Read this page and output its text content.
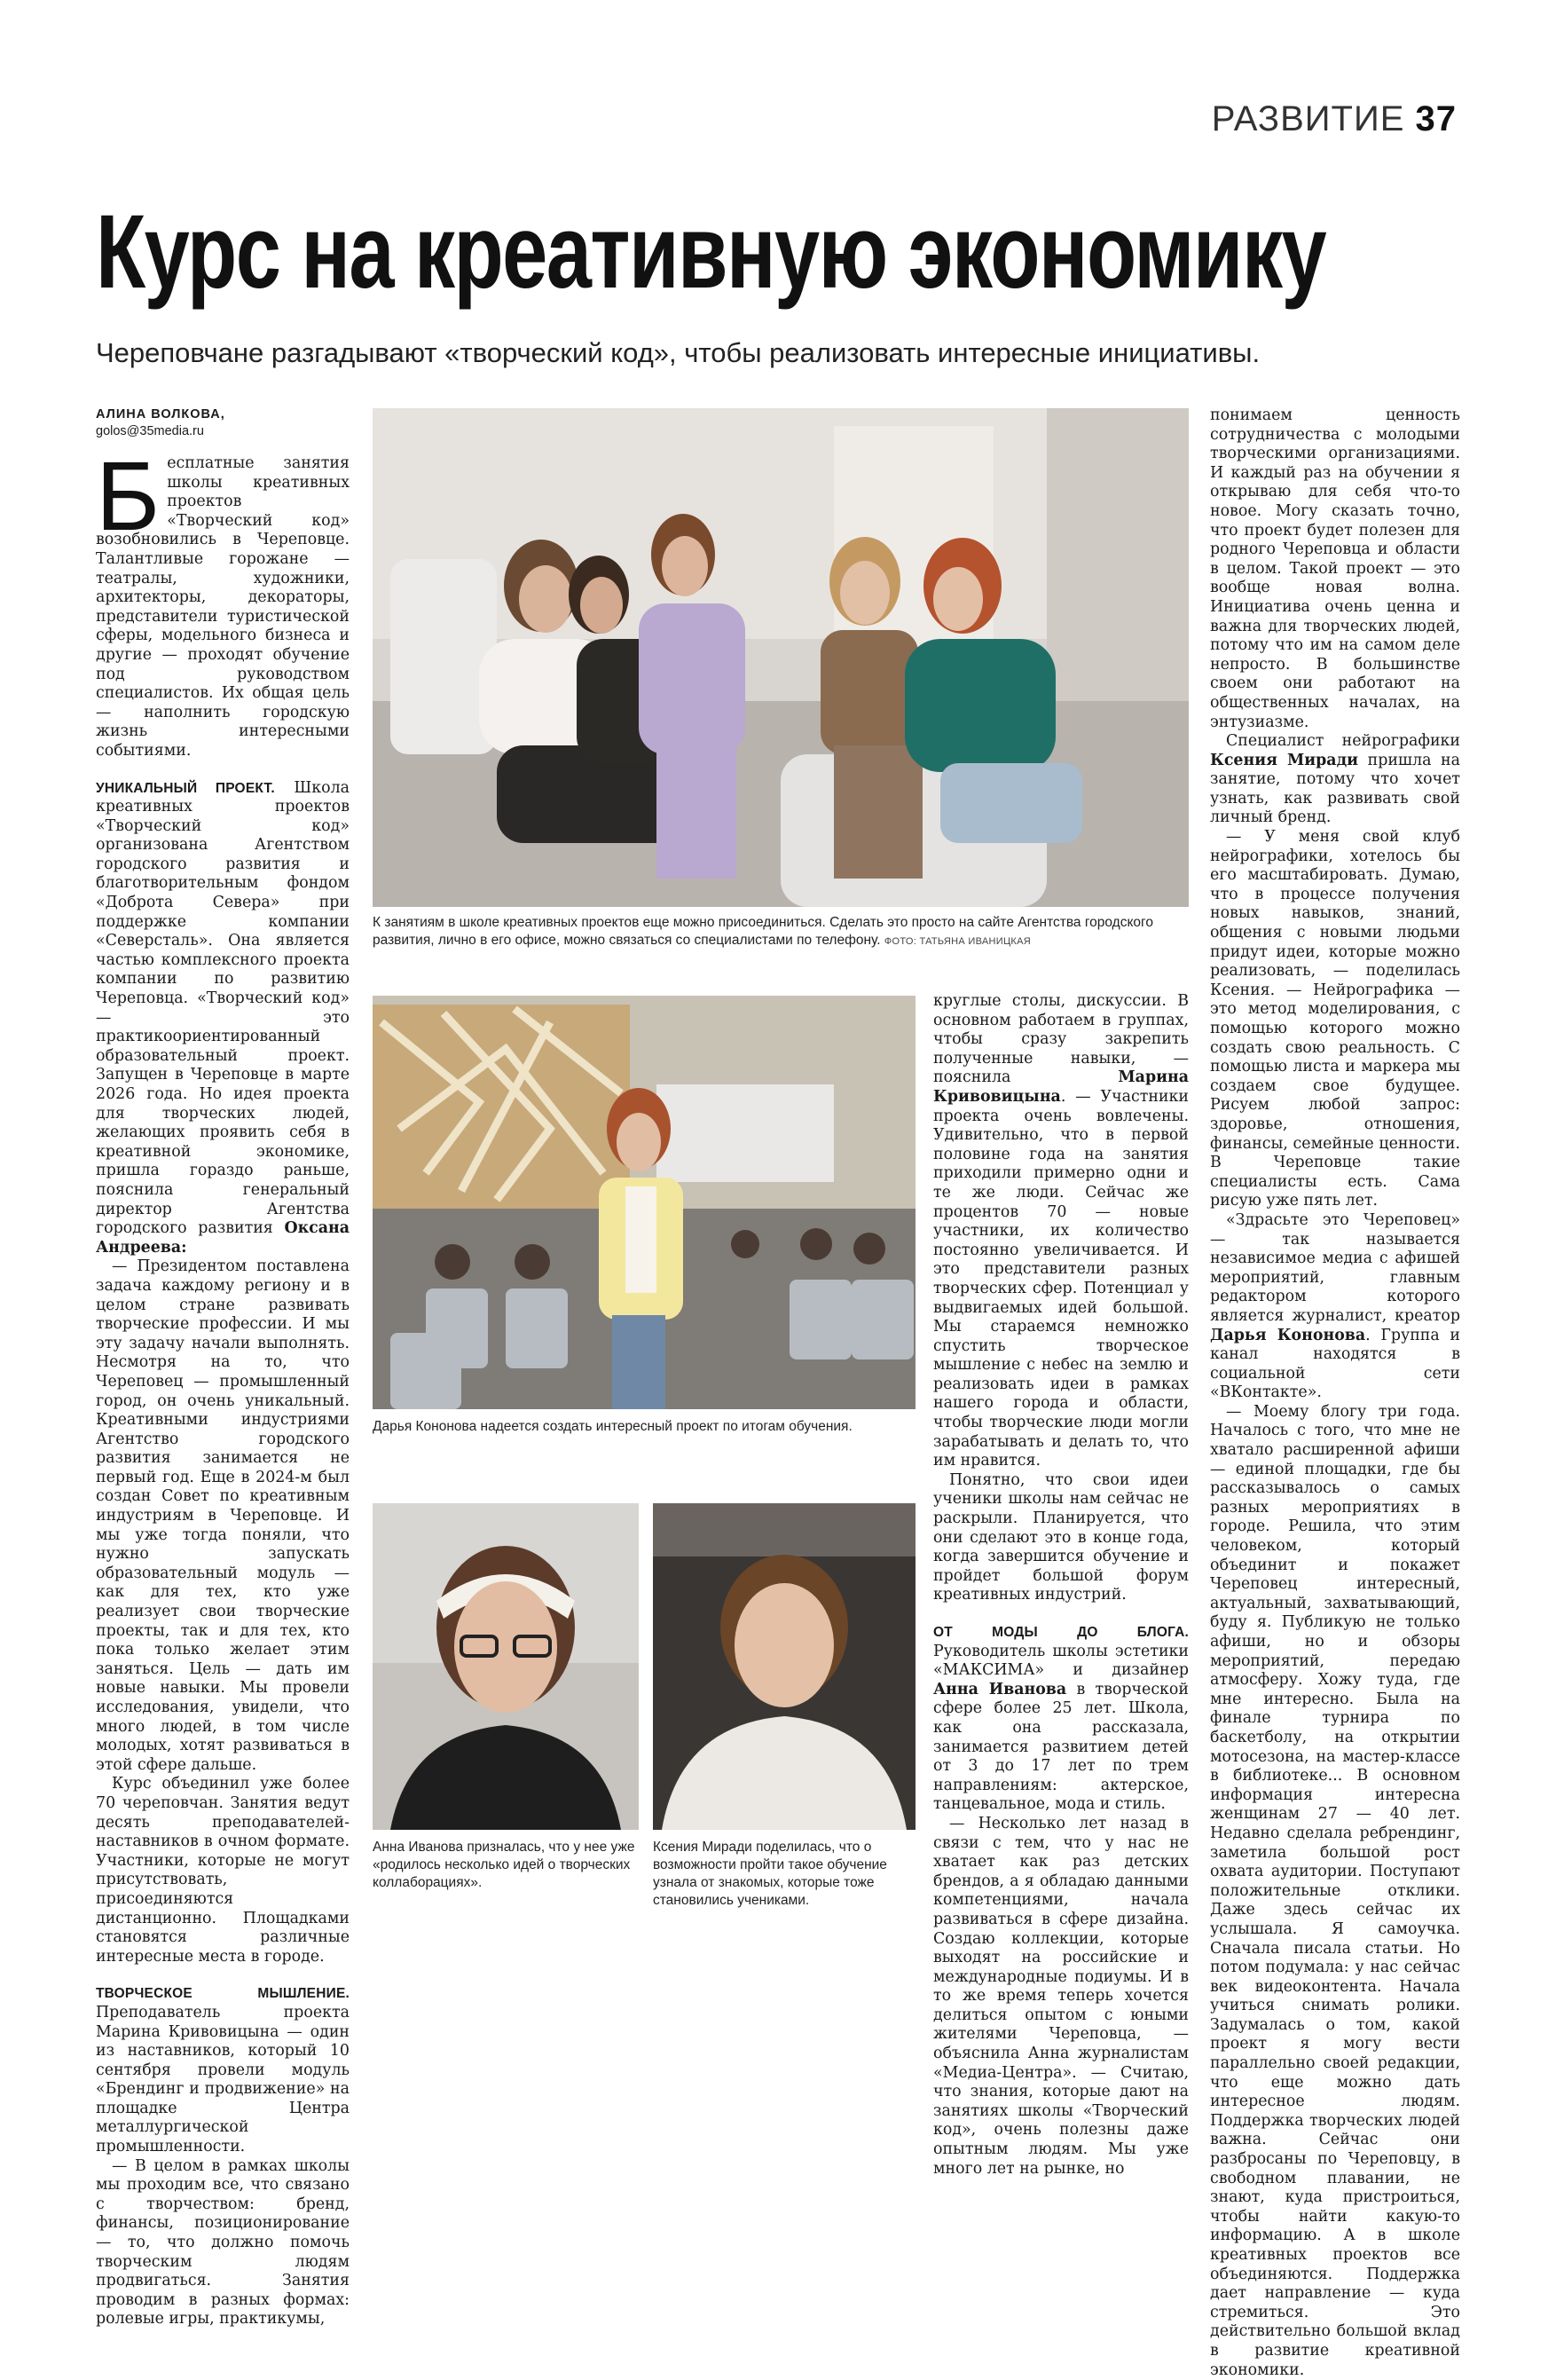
РАЗВИТИЕ 37
Курс на креативную экономику

Череповчане разгадывают «творческий код», чтобы реализовать интересные инициативы.

АЛИНА ВОЛКОВА,
golos@35media.ru

Бесплатные занятия школы креативных проектов «Творческий код» возобновились в Череповце. Талантливые горожане — театралы, художники, архитекторы, декораторы, представители туристической сферы, модельного бизнеса и другие — проходят обучение под руководством специалистов. Их общая цель — наполнить городскую жизнь интересными событиями.

УНИКАЛЬНЫЙ ПРОЕКТ. Школа креативных проектов «Творческий код» организована Агентством городского развития и благотворительным фондом «Доброта Севера» при поддержке компании «Северсталь». Она является частью комплексного проекта компании по развитию Череповца. «Творческий код» — это практикоориентированный образовательный проект. Запущен в Череповце в марте 2026 года. Но идея проекта для творческих людей, желающих проявить себя в креативной экономике, пришла гораздо раньше, пояснила генеральный директор Агентства городского развития Оксана Андреева:

— Президентом поставлена задача каждому региону и в целом стране развивать творческие профессии. И мы эту задачу начали выполнять. Несмотря на то, что Череповец — промышленный город, он очень уникальный. Креативными индустриями Агентство городского развития занимается не первый год. Еще в 2024-м был создан Совет по креативным индустриям в Череповце. И мы уже тогда поняли, что нужно запускать образовательный модуль — как для тех, кто уже реализует свои творческие проекты, так и для тех, кто пока только желает этим заняться. Цель — дать им новые навыки. Мы провели исследования, увидели, что много людей, в том числе молодых, хотят развиваться в этой сфере дальше.

Курс объединил уже более 70 череповчан. Занятия ведут десять преподавателей-наставников в очном формате. Участники, которые не могут присутствовать, присоединяются дистанционно. Площадками становятся различные интересные места в городе.

ТВОРЧЕСКОЕ МЫШЛЕНИЕ. Преподаватель проекта Марина Кривовицына — один из наставников, который 10 сентября провели модуль «Брендинг и продвижение» на площадке Центра металлургической промышленности.

— В целом в рамках школы мы проходим все, что связано с творчеством: бренд, финансы, позиционирование — то, что должно помочь творческим людям продвигаться. Занятия проводим в разных формах: ролевые игры, практикумы,

К занятиям в школе креативных проектов еще можно присоединиться. Сделать это просто на сайте Агентства городского развития, лично в его офисе, можно связаться со специалистами по телефону. ФОТО: ТАТЬЯНА ИВАНИЦКАЯ
Дарья Кононова надеется создать интересный проект по итогам обучения.
Анна Иванова призналась, что у нее уже «родилось несколько идей о творческих коллаборациях».
Ксения Миради поделилась, что о возможности пройти такое обучение узнала от знакомых, которые тоже становились учениками.

круглые столы, дискуссии. В основном работаем в группах, чтобы сразу закрепить полученные навыки, — пояснила Марина Кривовицына. — Участники проекта очень вовлечены. Удивительно, что в первой половине года на занятия приходили примерно одни и те же люди. Сейчас же процентов 70 — новые участники, их количество постоянно увеличивается. И это представители разных творческих сфер. Потенциал у выдвигаемых идей большой. Мы стараемся немножко спустить творческое мышление с небес на землю и реализовать идеи в рамках нашего города и области, чтобы творческие люди могли зарабатывать и делать то, что им нравится.

Понятно, что свои идеи ученики школы нам сейчас не раскрыли. Планируется, что они сделают это в конце года, когда завершится обучение и пройдет большой форум креативных индустрий.

ОТ МОДЫ ДО БЛОГА. Руководитель школы эстетики «МАКСИМА» и дизайнер Анна Иванова в творческой сфере более 25 лет. Школа, как она рассказала, занимается развитием детей от 3 до 17 лет по трем направлениям: актерское, танцевальное, мода и стиль.

— Несколько лет назад в связи с тем, что у нас не хватает как раз детских брендов, а я обладаю данными компетенциями, начала развиваться в сфере дизайна. Создаю коллекции, которые выходят на российские и международные подиумы. И в то же время теперь хочется делиться опытом с юными жителями Череповца, — объяснила Анна журналистам «Медиа-Центра». — Считаю, что знания, которые дают на занятиях школы «Творческий код», очень полезны даже опытным людям. Мы уже много лет на рынке, но

понимаем ценность сотрудничества с молодыми творческими организациями. И каждый раз на обучении я открываю для себя что-то новое. Могу сказать точно, что проект будет полезен для родного Череповца и области в целом. Такой проект — это вообще новая волна. Инициатива очень ценна и важна для творческих людей, потому что им на самом деле непросто. В большинстве своем они работают на общественных началах, на энтузиазме.

Специалист нейрографики Ксения Миради пришла на занятие, потому что хочет узнать, как развивать свой личный бренд.

— У меня свой клуб нейрографики, хотелось бы его масштабировать. Думаю, что в процессе получения новых навыков, знаний, общения с новыми людьми придут идеи, которые можно реализовать, — поделилась Ксения. — Нейрографика — это метод моделирования, с помощью которого можно создать свою реальность. С помощью листа и маркера мы создаем свое будущее. Рисуем любой запрос: здоровье, отношения, финансы, семейные ценности. В Череповце такие специалисты есть. Сама рисую уже пять лет.

«Здрасьте это Череповец» — так называется независимое медиа с афишей мероприятий, главным редактором которого является журналист, креатор Дарья Кононова. Группа и канал находятся в социальной сети «ВКонтакте».

— Моему блогу три года. Началось с того, что мне не хватало расширенной афиши — единой площадки, где бы рассказывалось о самых разных мероприятиях в городе. Решила, что этим человеком, который объединит и покажет Череповец интересный, актуальный, захватывающий, буду я. Публикую не только афиши, но и обзоры мероприятий, передаю атмосферу. Хожу туда, где мне интересно. Была на финале турнира по баскетболу, на открытии мотосезона, на мастер-классе в библиотеке... В основном информация интересна женщинам 27 — 40 лет. Недавно сделала ребрендинг, заметила большой рост охвата аудитории. Поступают положительные отклики. Даже здесь сейчас их услышала. Я самоучка. Сначала писала статьи. Но потом подумала: у нас сейчас век видеоконтента. Начала учиться снимать ролики. Задумалась о том, какой проект я могу вести параллельно своей редакции, что еще можно дать интересное людям. Поддержка творческих людей важна. Сейчас они разбросаны по Череповцу, в свободном плавании, не знают, куда пристроиться, чтобы найти какую-то информацию. А в школе креативных проектов все объединяются. Поддержка дает направление — куда стремиться. Это действительно большой вклад в развитие креативной экономики.
